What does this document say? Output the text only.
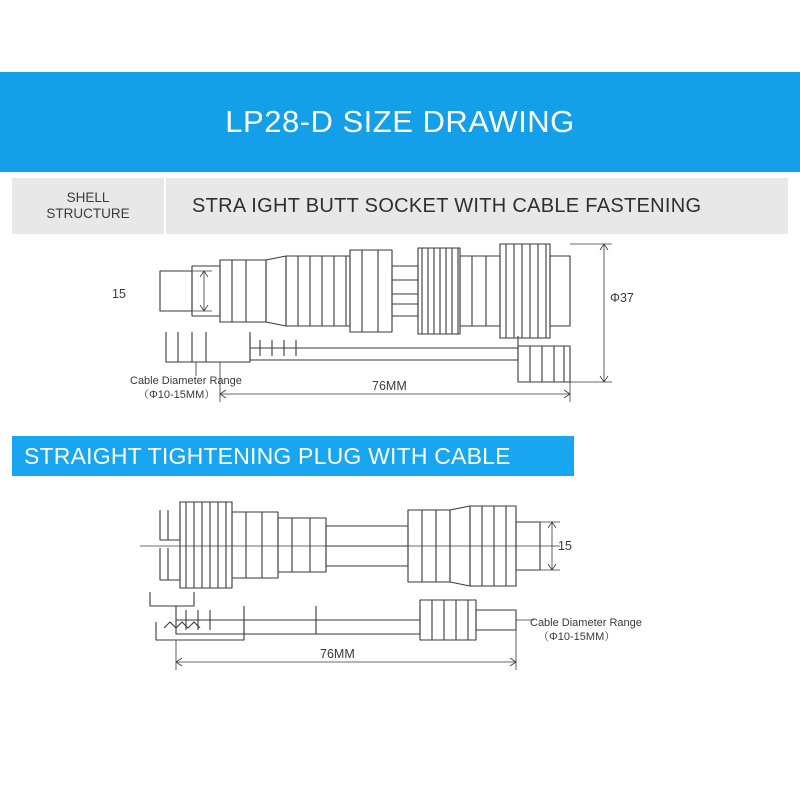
LP28-D SIZE DRAWING
SHELL
STRUCTURE	STRA IGHT BUTT SOCKET WITH CABLE FASTENING
15	Φ37
76MM
Cable Diameter Range
（Φ10-15MM）
STRAIGHT TIGHTENING PLUG WITH CABLE
15
76MM
Cable Diameter Range
（Φ10-15MM）
